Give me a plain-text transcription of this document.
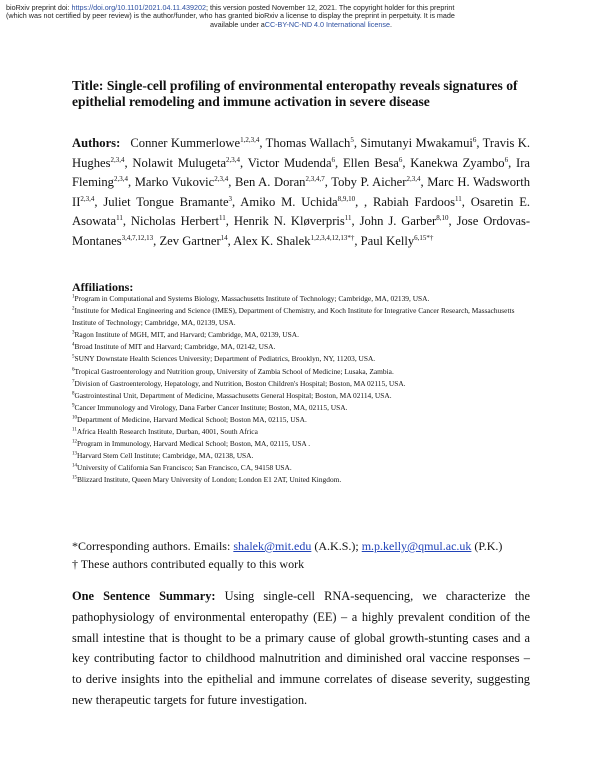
bioRxiv preprint doi: https://doi.org/10.1101/2021.04.11.439202; this version posted November 12, 2021. The copyright holder for this preprint
(which was not certified by peer review) is the author/funder, who has granted bioRxiv a license to display the preprint in perpetuity. It is made
available under aCC-BY-NC-ND 4.0 International license.
Title: Single-cell profiling of environmental enteropathy reveals signatures of epithelial remodeling and immune activation in severe disease
Authors: Conner Kummerlowe$^{1,2,3,4}$, Thomas Wallach$^5$, Simutanyi Mwakamui$^6$, Travis K. Hughes$^{2,3,4}$, Nolawit Mulugeta$^{2,3,4}$, Victor Mudenda$^6$, Ellen Besa$^6$, Kanekwa Zyambo$^6$, Ira Fleming$^{2,3,4}$, Marko Vukovic$^{2,3,4}$, Ben A. Doran$^{2,3,4,7}$, Toby P. Aicher$^{2,3,4}$, Marc H. Wadsworth II$^{2,3,4}$, Juliet Tongue Bramante$^3$, Amiko M. Uchida$^{8,9,10}$, , Rabiah Fardoos$^{11}$, Osaretin E. Asowata$^{11}$, Nicholas Herbert$^{11}$, Henrik N. Kløverpris$^{11}$, John J. Garber$^{8,10}$, Jose Ordovas-Montanes$^{3,4,7,12,13}$, Zev Gartner$^{14}$, Alex K. Shalek$^{1,2,3,4,12,13*\dagger}$, Paul Kelly$^{6,15*\dagger}$
Affiliations:
$^1$Program in Computational and Systems Biology, Massachusetts Institute of Technology; Cambridge, MA, 02139, USA.
$^2$Institute for Medical Engineering and Science (IMES), Department of Chemistry, and Koch Institute for Integrative Cancer Research, Massachusetts Institute of Technology; Cambridge, MA, 02139, USA.
$^3$Ragon Institute of MGH, MIT, and Harvard; Cambridge, MA, 02139, USA.
$^4$Broad Institute of MIT and Harvard; Cambridge, MA, 02142, USA.
$^5$SUNY Downstate Health Sciences University; Department of Pediatrics, Brooklyn, NY, 11203, USA.
$^6$Tropical Gastroenterology and Nutrition group, University of Zambia School of Medicine; Lusaka, Zambia.
$^7$Division of Gastroenterology, Hepatology, and Nutrition, Boston Children's Hospital; Boston, MA 02115, USA.
$^8$Gastrointestinal Unit, Department of Medicine, Massachusetts General Hospital; Boston, MA 02114, USA.
$^9$Cancer Immunology and Virology, Dana Farber Cancer Institute; Boston, MA, 02115, USA.
$^{10}$Department of Medicine, Harvard Medical School; Boston MA, 02115, USA.
$^{11}$Africa Health Research Institute, Durban, 4001, South Africa
$^{12}$Program in Immunology, Harvard Medical School; Boston, MA, 02115, USA .
$^{13}$Harvard Stem Cell Institute; Cambridge, MA, 02138, USA.
$^{14}$University of California San Francisco; San Francisco, CA, 94158 USA.
$^{15}$Blizzard Institute, Queen Mary University of London; London E1 2AT, United Kingdom.
*Corresponding authors. Emails: shalek@mit.edu (A.K.S.); m.p.kelly@qmul.ac.uk (P.K.)
† These authors contributed equally to this work
One Sentence Summary: Using single-cell RNA-sequencing, we characterize the pathophysiology of environmental enteropathy (EE) – a highly prevalent condition of the small intestine that is thought to be a primary cause of global growth-stunting cases and a key contributing factor to childhood malnutrition and diminished oral vaccine responses – to derive insights into the epithelial and immune correlates of disease severity, suggesting new therapeutic targets for future investigation.
